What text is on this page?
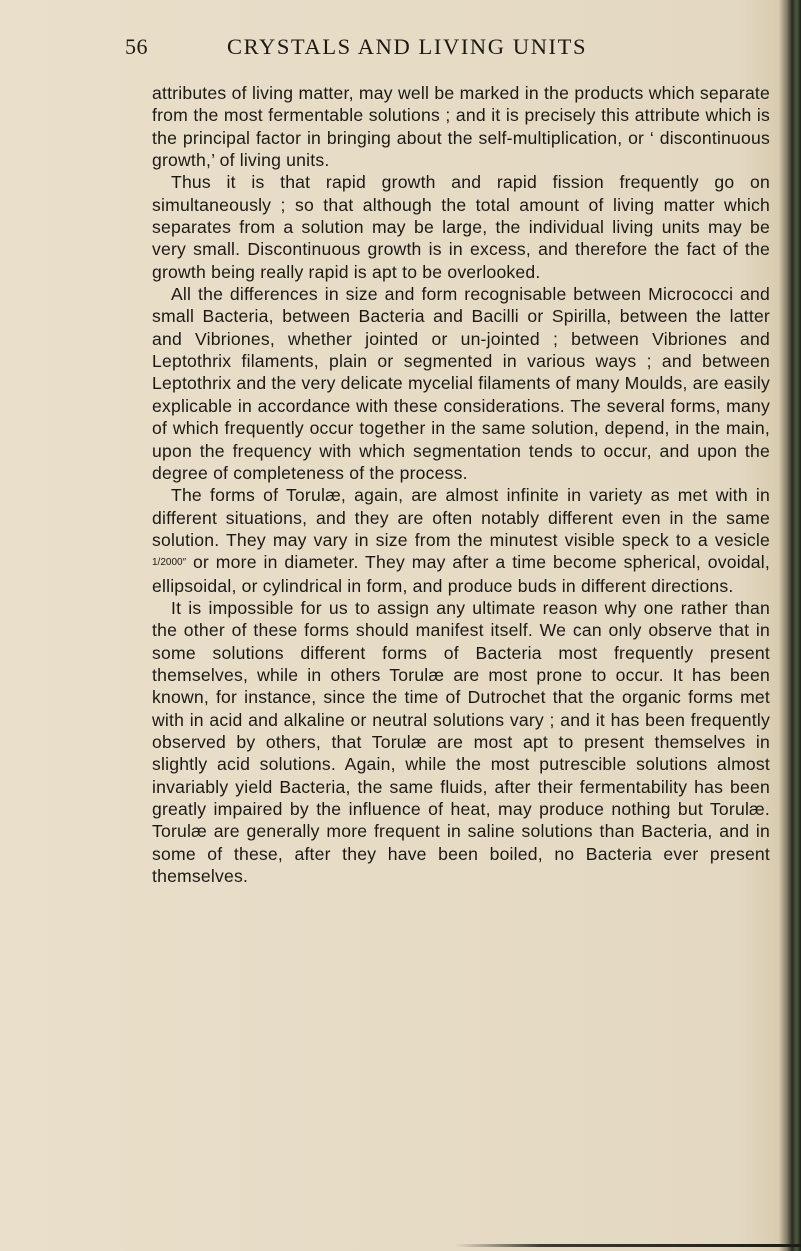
56	CRYSTALS AND LIVING UNITS

attributes of living matter, may well be marked in the products which separate from the most fermentable solutions ; and it is precisely this attribute which is the principal factor in bringing about the self-multiplication, or ‘ discontinuous growth,’ of living units.

Thus it is that rapid growth and rapid fission frequently go on simultaneously ; so that although the total amount of living matter which separates from a solution may be large, the individual living units may be very small. Discontinuous growth is in excess, and therefore the fact of the growth being really rapid is apt to be overlooked.

All the differences in size and form recognisable between Micrococci and small Bacteria, between Bacteria and Bacilli or Spirilla, between the latter and Vibriones, whether jointed or un-jointed ; between Vibriones and Leptothrix filaments, plain or segmented in various ways ; and between Leptothrix and the very delicate mycelial filaments of many Moulds, are easily explicable in accordance with these considerations. The several forms, many of which frequently occur together in the same solution, depend, in the main, upon the frequency with which segmentation tends to occur, and upon the degree of completeness of the process.

The forms of Torulæ, again, are almost infinite in variety as met with in different situations, and they are often notably different even in the same solution. They may vary in size from the minutest visible speck to a vesicle 1/2000″ or more in diameter. They may after a time become spherical, ovoidal, ellipsoidal, or cylindrical in form, and produce buds in different directions.

It is impossible for us to assign any ultimate reason why one rather than the other of these forms should manifest itself. We can only observe that in some solutions different forms of Bacteria most frequently present themselves, while in others Torulæ are most prone to occur. It has been known, for instance, since the time of Dutrochet that the organic forms met with in acid and alkaline or neutral solutions vary ; and it has been frequently observed by others, that Torulæ are most apt to present themselves in slightly acid solutions. Again, while the most putrescible solutions almost invariably yield Bacteria, the same fluids, after their fermentability has been greatly impaired by the influence of heat, may produce nothing but Torulæ. Torulæ are generally more frequent in saline solutions than Bacteria, and in some of these, after they have been boiled, no Bacteria ever present themselves.
